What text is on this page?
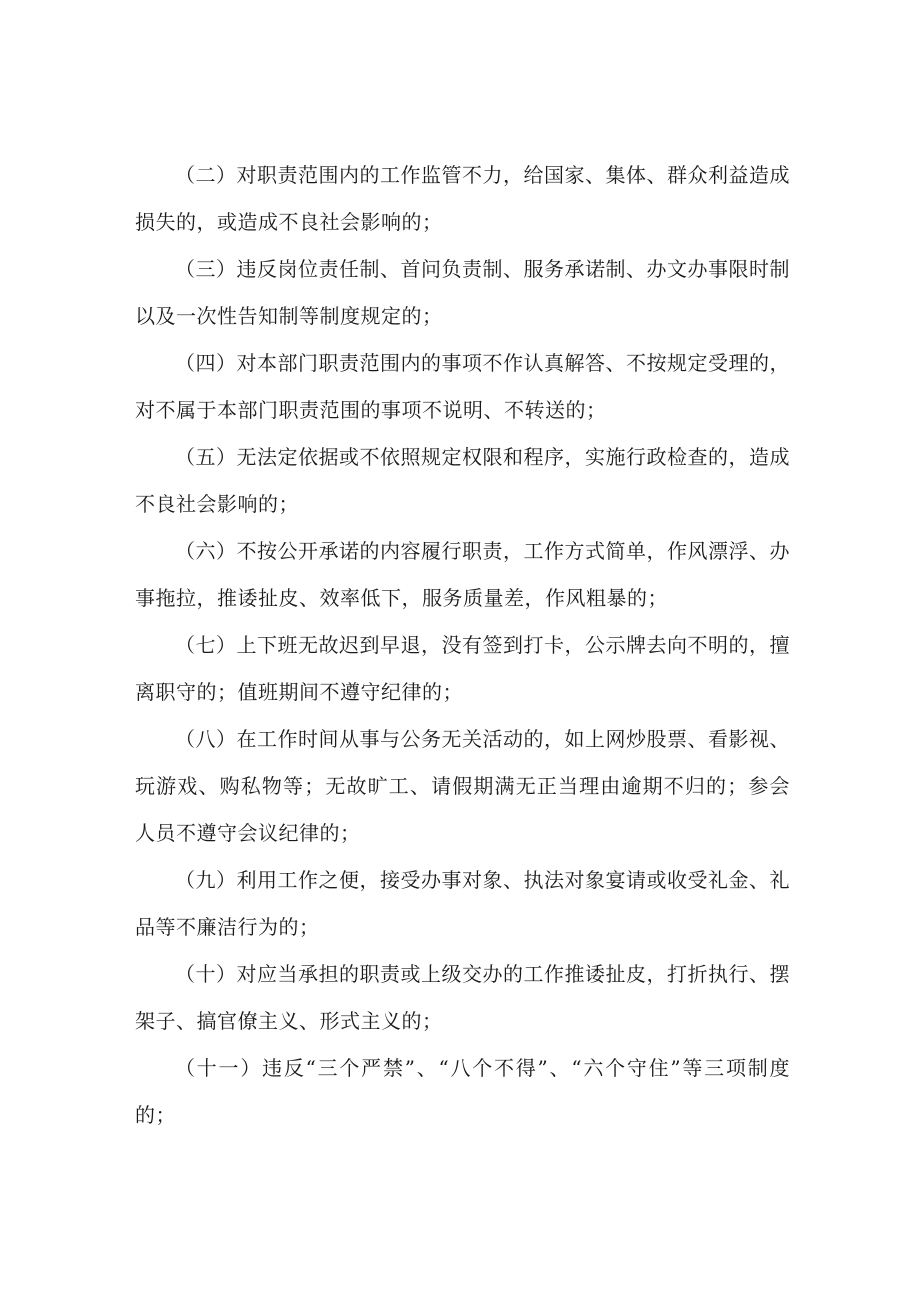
（二）对职责范围内的工作监管不力，给国家、集体、群众利益造成损失的，或造成不良社会影响的；

（三）违反岗位责任制、首问负责制、服务承诺制、办文办事限时制以及一次性告知制等制度规定的；

（四）对本部门职责范围内的事项不作认真解答、不按规定受理的，对不属于本部门职责范围的事项不说明、不转送的；

（五）无法定依据或不依照规定权限和程序，实施行政检查的，造成不良社会影响的；

（六）不按公开承诺的内容履行职责，工作方式简单，作风漂浮、办事拖拉，推诿扯皮、效率低下，服务质量差，作风粗暴的；

（七）上下班无故迟到早退，没有签到打卡，公示牌去向不明的，擅离职守的；值班期间不遵守纪律的；

（八）在工作时间从事与公务无关活动的，如上网炒股票、看影视、玩游戏、购私物等；无故旷工、请假期满无正当理由逾期不归的；参会人员不遵守会议纪律的；

（九）利用工作之便，接受办事对象、执法对象宴请或收受礼金、礼品等不廉洁行为的；

（十）对应当承担的职责或上级交办的工作推诿扯皮，打折执行、摆架子、搞官僚主义、形式主义的；

（十一）违反“三个严禁”、“八个不得”、“六个守住”等三项制度的；
